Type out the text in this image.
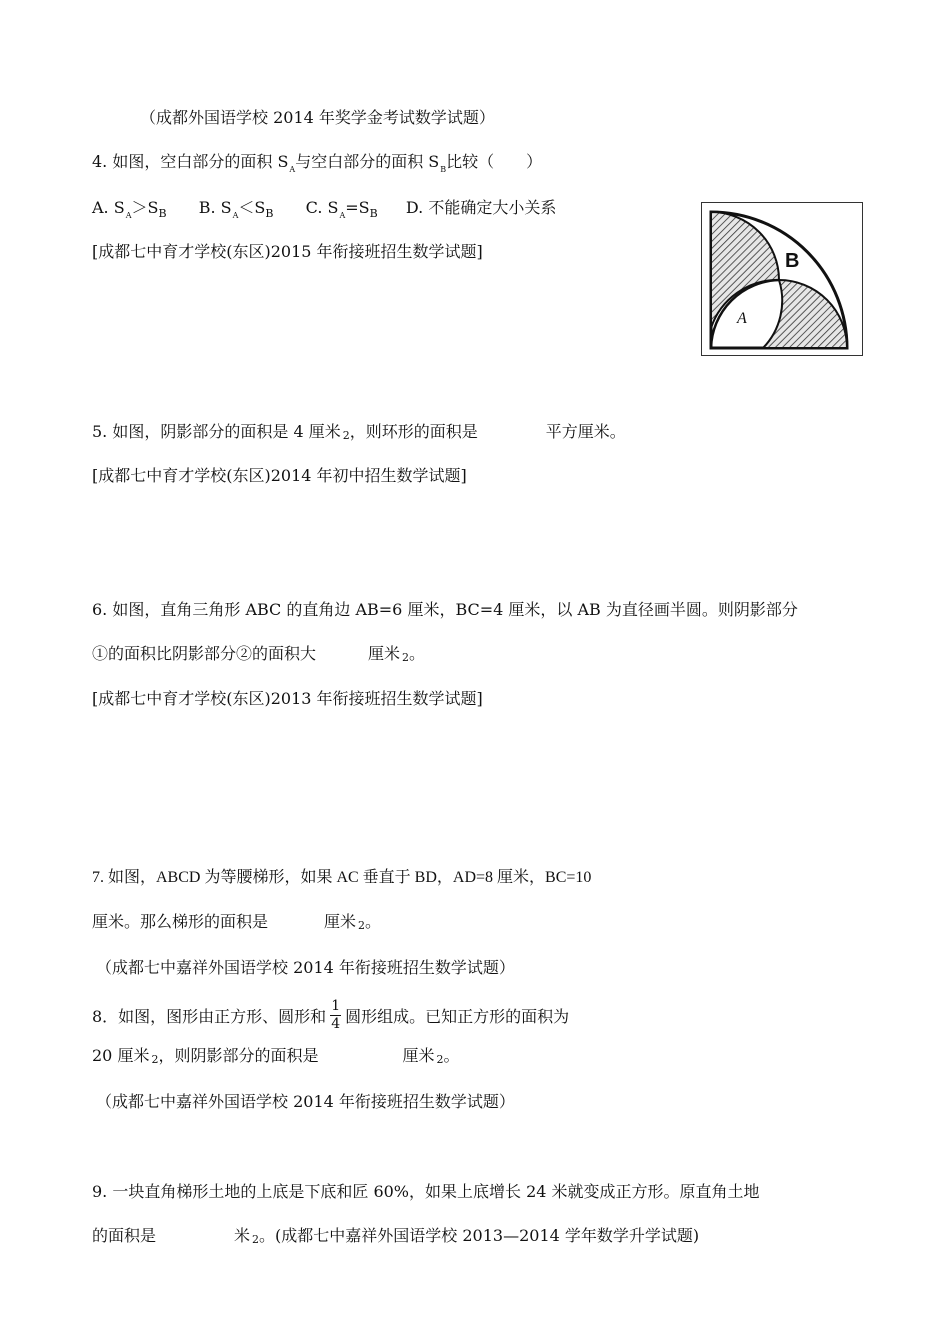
（成都外国语学校 2014 年奖学金考试数学试题）
4. 如图，空白部分的面积 $S_A$与空白部分的面积 $S_B$比较（　　）
A. $S_A>S_B$ B. $S_A<S_B$ C. $S_A=S_B$ D. 不能确定大小关系
[成都七中育才学校(东区)2015 年衔接班招生数学试题]
A
B
5. 如图，阴影部分的面积是 4 厘米 2，则环形的面积是	平方厘米。
[成都七中育才学校(东区)2014 年初中招生数学试题]
6. 如图，直角三角形 ABC 的直角边 AB=6 厘米，BC=4 厘米，以 AB 为直径画半圆。则阴影部分
①的面积比阴影部分②的面积大	厘米 2。
[成都七中育才学校(东区)2013 年衔接班招生数学试题]
7. 如图，ABCD 为等腰梯形，如果 AC 垂直于 BD，AD=8 厘米，BC=10
厘米。那么梯形的面积是	厘米 2。
（成都七中嘉祥外国语学校 2014 年衔接班招生数学试题）
8．如图，图形由正方形、圆形和 $\frac{1}{4}$ 圆形组成。已知正方形的面积为
20 厘米 2，则阴影部分的面积是	厘米 2。
（成都七中嘉祥外国语学校 2014 年衔接班招生数学试题）
9. 一块直角梯形土地的上底是下底和匠 60%，如果上底增长 24 米就变成正方形。原直角土地
的面积是	米 2。(成都七中嘉祥外国语学校 2013—2014 学年数学升学试题)
